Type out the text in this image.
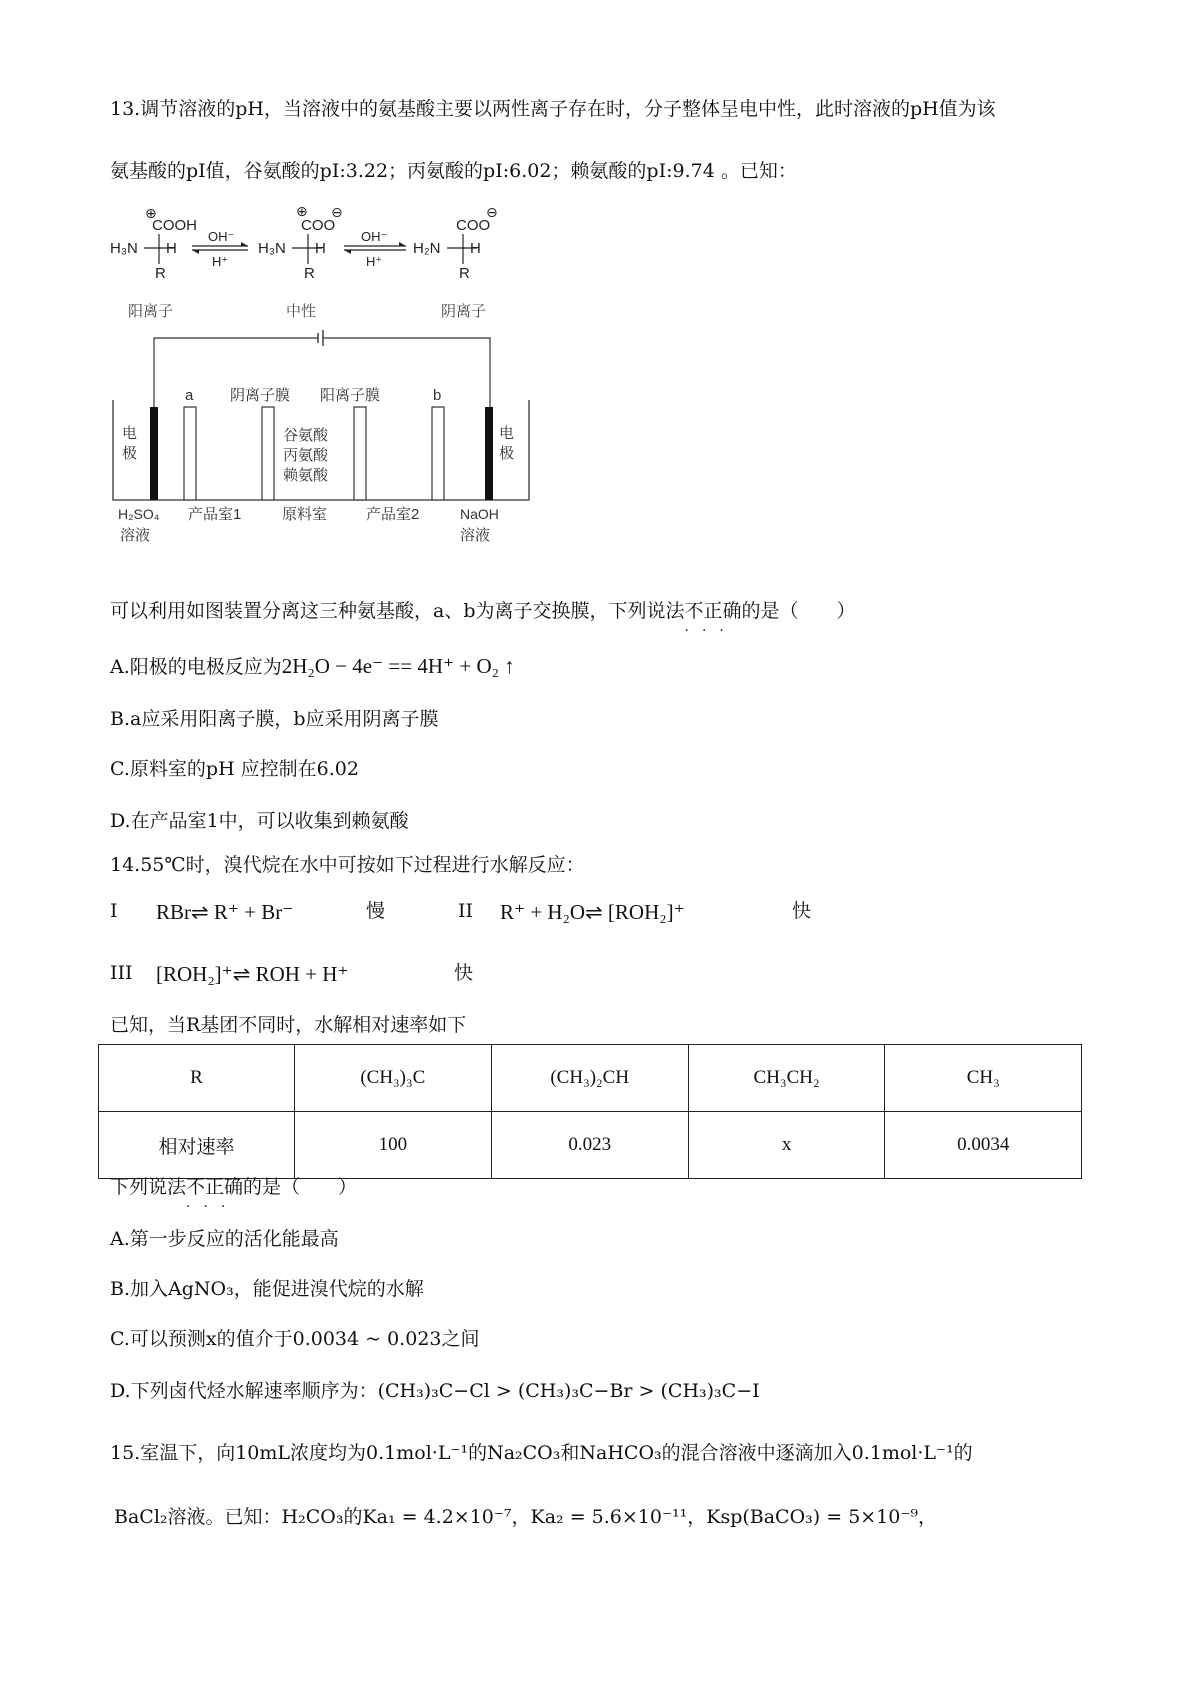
13.调节溶液的pH，当溶液中的氨基酸主要以两性离子存在时，分子整体呈电中性，此时溶液的pH值为该
氨基酸的pI值，谷氨酸的pI:3.22；丙氨酸的pI:6.02；赖氨酸的pI:9.74 。已知：
⊕
COOH
H₃N H
R
OH⁻
H⁺
⊕
COO
⊖
H₃N H
R
OH⁻
H⁺
COO
⊖
H₂N H
R
阳离子	中性	阴离子
电
极
电
极
a	b
阴离子膜 阳离子膜
谷氨酸
丙氨酸
赖氨酸
H₂SO₄
溶液
产品室1	原料室	产品室2	NaOH
溶液
可以利用如图装置分离这三种氨基酸，a、b为离子交换膜，下列说法不正确
···
的是（　　）
A.阳极的电极反应为2H₂O − 4e⁻ == 4H⁺ + O₂ ↑
B.a应采用阳离子膜，b应采用阴离子膜
C.原料室的pH 应控制在6.02
D.在产品室1中，可以收集到赖氨酸
14.55℃时，溴代烷在水中可按如下过程进行水解反应：
I RBr⇌ R⁺ + Br⁻	慢	II R⁺ + H₂O⇌ [ROH₂]⁺	快
III [ROH₂]⁺⇌ ROH + H⁺	快
已知，当R基团不同时，水解相对速率如下
R	(CH₃)₃C	(CH₃)₂CH	CH₃CH₂	CH₃
相对速率	100	0.023	x	0.0034
下列说法不正确
···
的是（　　）
A.第一步反应的活化能最高
B.加入AgNO₃，能促进溴代烷的水解
C.可以预测x的值介于0.0034 ~ 0.023之间
D.下列卤代烃水解速率顺序为：(CH₃)₃C−Cl > (CH₃)₃C−Br > (CH₃)₃C−I
15.室温下，向10mL浓度均为0.1mol·L⁻¹的Na₂CO₃和NaHCO₃的混合溶液中逐滴加入0.1mol·L⁻¹的
BaCl₂溶液。已知：H₂CO₃的Ka₁ = 4.2×10⁻⁷，Ka₂ = 5.6×10⁻¹¹，Ksp(BaCO₃) = 5×10⁻⁹，
